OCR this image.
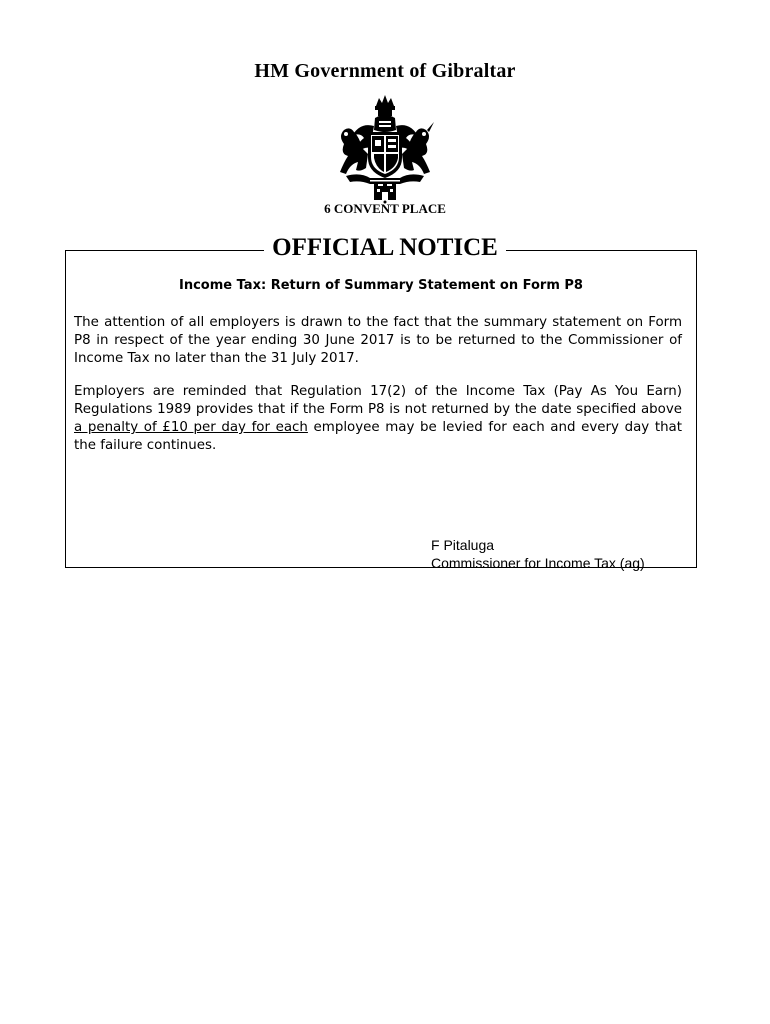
HM Government of Gibraltar
6 CONVENT PLACE
OFFICIAL NOTICE
Income Tax: Return of Summary Statement on Form P8
The attention of all employers is drawn to the fact that the summary statement on Form P8 in respect of the year ending 30 June 2017 is to be returned to the Commissioner of Income Tax no later than the 31 July 2017.
Employers are reminded that Regulation 17(2) of the Income Tax (Pay As You Earn) Regulations 1989 provides that if the Form P8 is not returned by the date specified above a penalty of £10 per day for each employee may be levied for each and every day that the failure continues.
F Pitaluga
Commissioner for Income Tax (ag)
